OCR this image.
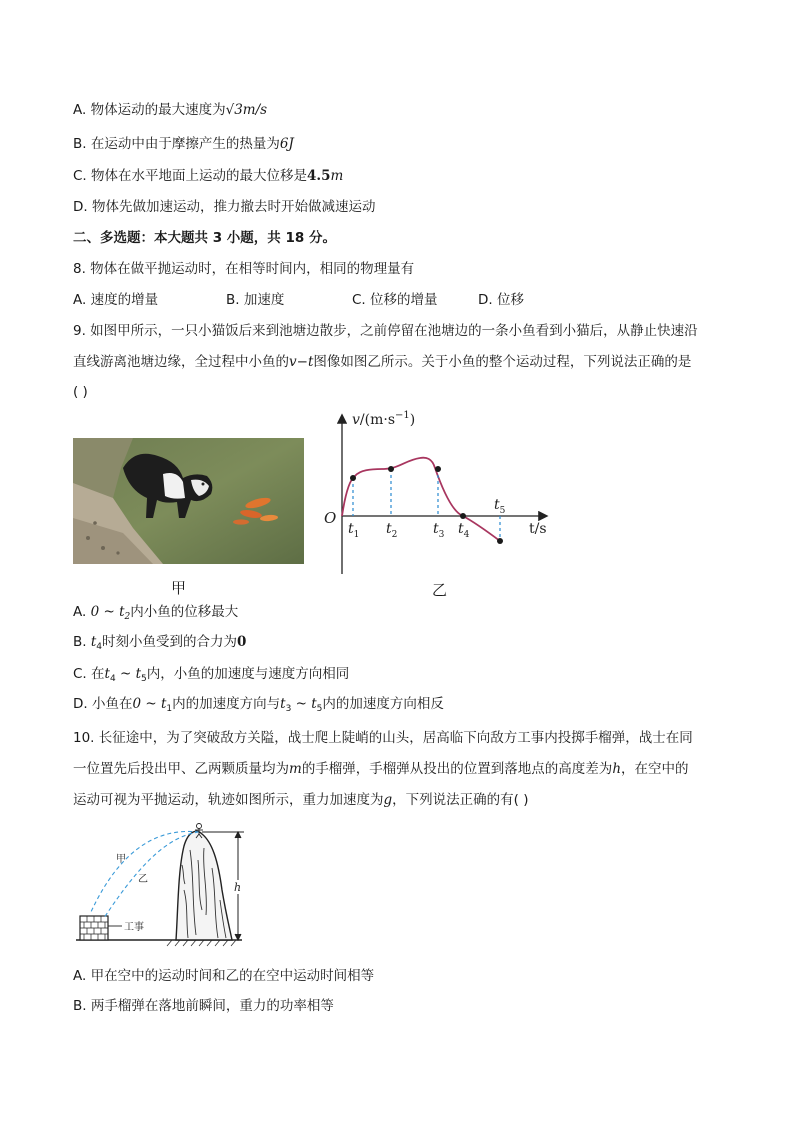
A. 物体运动的最大速度为√3m/s
B. 在运动中由于摩擦产生的热量为6J
C. 物体在水平地面上运动的最大位移是4.5m
D. 物体先做加速运动，推力撤去时开始做减速运动
二、多选题：本大题共 3 小题，共 18 分。
8. 物体在做平抛运动时，在相等时间内，相同的物理量有
A. 速度的增量	B. 加速度	C. 位移的增量	D. 位移
9. 如图甲所示，一只小猫饭后来到池塘边散步，之前停留在池塘边的一条小鱼看到小猫后，从静止快速沿
直线游离池塘边缘，全过程中小鱼的v−t图像如图乙所示。关于小鱼的整个运动过程，下列说法正确的是
( )
甲
O
$v/(m\cdot s^{-1})$
t/s
$t_1$ $t_2$	$t_3$ $t_4$
$t_5$
乙
A. 0 ~ $t_2$内小鱼的位移最大
B. $t_4$时刻小鱼受到的合力为0
C. 在$t_4$ ~ $t_5$内，小鱼的加速度与速度方向相同
D. 小鱼在0 ~ $t_1$内的加速度方向与$t_3$ ~ $t_5$内的加速度方向相反
10. 长征途中，为了突破敌方关隘，战士爬上陡峭的山头，居高临下向敌方工事内投掷手榴弹，战士在同
一位置先后投出甲、乙两颗质量均为m的手榴弹，手榴弹从投出的位置到落地点的高度差为h，在空中的
运动可视为平抛运动，轨迹如图所示，重力加速度为g，下列说法正确的有( )
工事
甲
乙
h
A. 甲在空中的运动时间和乙的在空中运动时间相等
B. 两手榴弹在落地前瞬间，重力的功率相等
